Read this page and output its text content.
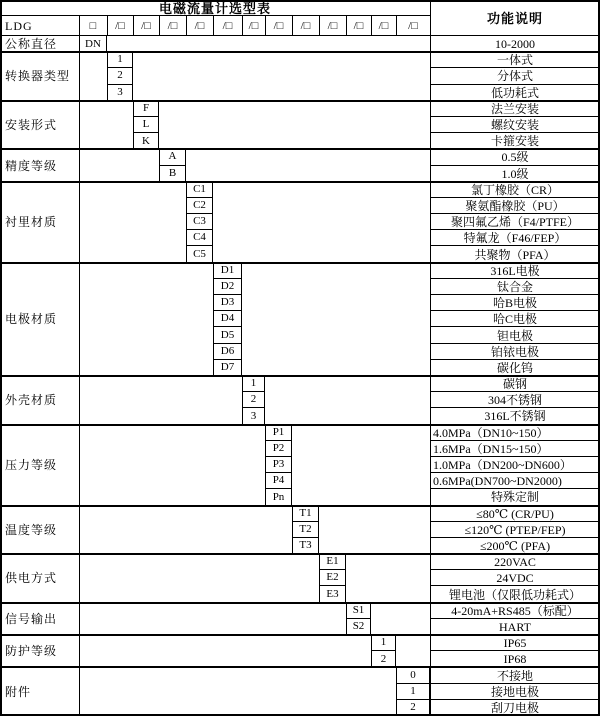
电磁流量计选型表
功能说明
LDG	□	/□	/□	/□	/□	/□	/□	/□	/□	/□	/□	/□	/□
公称直径	DN	10-2000
转换器类型
1	一体式
2	分体式
3	低功耗式
安装形式
F	法兰安装
L	螺纹安装
K	卡箍安装
精度等级
A	0.5级
B	1.0级
衬里材质
C1	氯丁橡胶（CR）
C2	聚氨酯橡胶（PU）
C3	聚四氟乙烯（F4/PTFE）
C4	特氟龙（F46/FEP）
C5	共聚物（PFA）
电极材质
D1	316L电极
D2	钛合金
D3	哈B电极
D4	哈C电极
D5	钽电极
D6	铂铱电极
D7	碳化钨
外壳材质
1	碳钢
2	304不锈钢
3	316L不锈钢
压力等级
P1	4.0MPa（DN10~150）
P2	1.6MPa（DN15~150）
P3	1.0MPa（DN200~DN600）
P4	0.6MPa(DN700~DN2000)
Pn	特殊定制
温度等级
T1	≤80℃ (CR/PU)
T2	≤120℃ (PTEP/FEP)
T3	≤200℃ (PFA)
供电方式
E1	220VAC
E2	24VDC
E3	锂电池（仅限低功耗式）
信号输出
S1	4-20mA+RS485（标配）
S2	HART
防护等级
1	IP65
2	IP68
附件
0	不接地
1	接地电极
2	刮刀电极
